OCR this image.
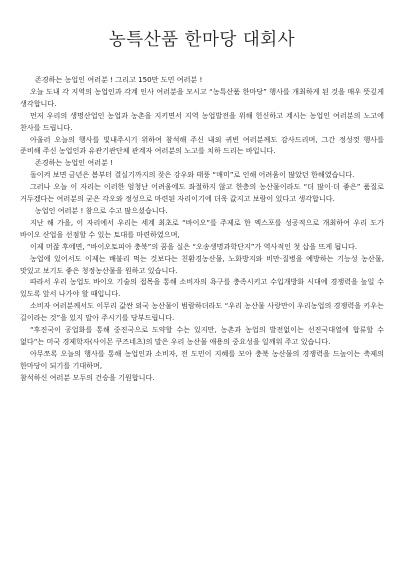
농특산품 한마당 대회사

존경하는 농업인 여러분 ! 그리고 150만 도민 여러분 !

오늘 도내 각 지역의 농업인과 각계 인사 여러분을 모시고 “농특산품 한마당” 행사를 개최하게 된 것을 매우 뜻깊게 생각합니다.

먼저 우리의 생명산업인 농업과 농촌을 지키면서 지역 농업발전을 위해 헌신하고 계시는 농업인 여러분의 노고에 찬사를 드립니다.

아울러 오늘의 행사를 빛내주시기 위하여 참석해 주신 내외 귀빈 여러분께도 감사드리며, 그간 정성껏 행사를 준비해 주신 농업인과 유관기관단체 관계자 여러분의 노고를 치하 드리는 바입니다.

존경하는 농업인 여러분 !

돌이켜 보면 금년은 봄부터 결실기까지의 잦은 강우와 태풍 “매미”로 인해 어려움이 많았던 한해였습니다.

그러나 오늘 이 자리는 이러한 엄청난 어려움에도 좌절하지 않고 한층의 농산물이라도 “더 많이·더 좋은” 품질로 거두겠다는 여러분의 굳은 각오와 정성으로 마련된 자리이기에 더욱 값지고 보람이 있다고 생각합니다.

농업인 여러분 ! 참으로 수고 많으셨습니다.

지난 해 가을, 이 자리에서 우리는 세계 최초로 “바이오”를 주제로 한 엑스포를 성공적으로 개최하여 우리 도가 바이오 산업을 선점할 수 있는 토대를 마련하였으며,

이제 머잖 후에면, “바이오토피아 충북”의 꿈을 실은 “오송생명과학단지”가 역사적인 첫 삽을 뜨게 됩니다.

농업에 있어서도 이제는 배불리 먹는 것보다는 친환경농산물, 노화방지와 비만·질병을 예방하는 기능성 농산물, 맛있고 보기도 좋은 청정농산물을 원하고 있습니다.

따라서 우리 농업도 바이오 기술의 접목을 통해 소비자의 욕구를 충족시키고 수입개방화 시대에 경쟁력을 높일 수 있도록 앞서 나가야 할 때입니다.

소비자 여러분께서도 이무리 값싼 외국 농산물이 범람하더라도 “우리 농산물 사랑만이 우리농업의 경쟁력을 키우는 길이라는 것”을 있지 말아 주시기를 당부드립니다.

“후진국이 공업화를 통해 중진국으로 도약할 수는 있지만, 농촌과 농업의 발전없이는 선진국대열에 합류할 수 없다”는 미국 경제학자(사이몬 쿠즈네츠)의 말은 우리 농산물 애용의 중요성을 일깨워 주고 있습니다.

아무쪼록 오늘의 행사를 통해 농업인과 소비자, 전 도민이 지혜를 모아 충북 농산물의 경쟁력을 드높이는 축제의 한마당이 되기를 기대하며,

참석하신 여러분 모두의 건승을 기원합니다.
